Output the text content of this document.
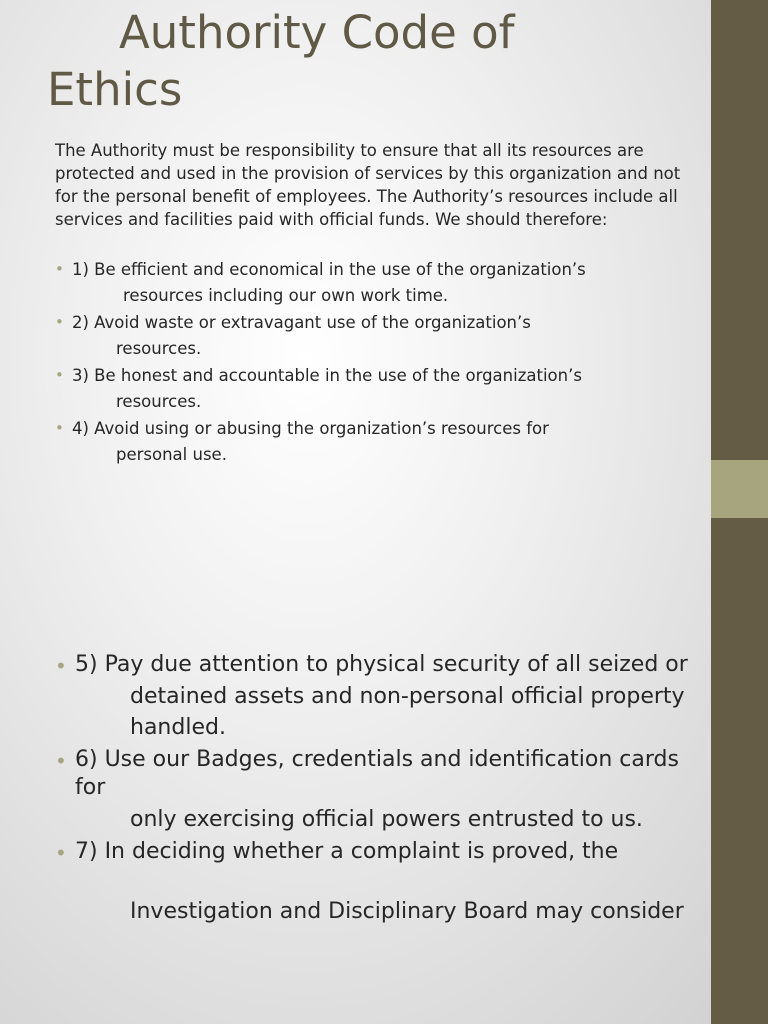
Authority Code of
Ethics

The Authority must be responsibility to ensure that all its resources are protected and used in the provision of services by this organization and not for the personal benefit of employees. The Authority’s resources include all services and facilities paid with official funds. We should therefore:

• 1) Be efficient and economical in the use of the organization’s
resources including our own work time.
• 2) Avoid waste or extravagant use of the organization’s
resources.
• 3) Be honest and accountable in the use of the organization’s
resources.
• 4) Avoid using or abusing the organization’s resources for
personal use.
• 5) Pay due attention to physical security of all seized or
detained assets and non-personal official property
handled.
• 6) Use our Badges, credentials and identification cards for
only exercising official powers entrusted to us.
• 7) In deciding whether a complaint is proved, the
Investigation and Disciplinary Board may consider
